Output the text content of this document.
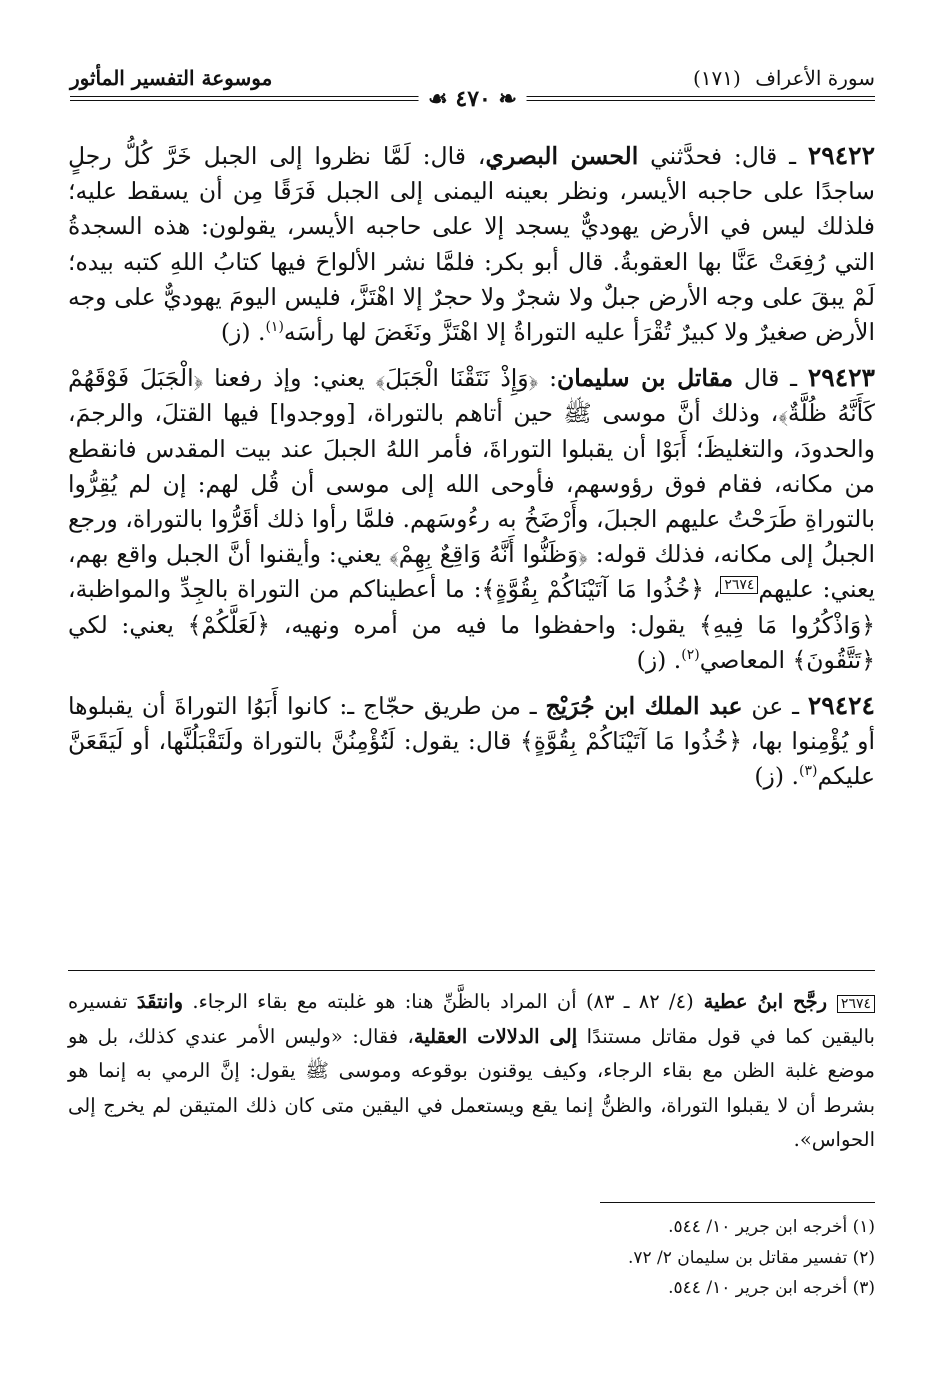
سورة الأعراف (١٧١)
موسوعة التفسير المأثور
❧ ٤٧٠ ☙

٢٩٤٢٢ ـ قال: فحدَّثني الحسن البصري، قال: لَمَّا نظروا إلى الجبل خَرَّ كُلُّ رجلٍ ساجدًا على حاجبه الأيسر، ونظر بعينه اليمنى إلى الجبل فَرَقًا مِن أن يسقط عليه؛ فلذلك ليس في الأرض يهوديٌّ يسجد إلا على حاجبه الأيسر، يقولون: هذه السجدةُ التي رُفِعَتْ عَنَّا بها العقوبةُ. قال أبو بكر: فلمَّا نشر الألواحَ فيها كتابُ اللهِ كتبه بيده؛ لَمْ يبقَ على وجه الأرض جبلٌ ولا شجرٌ ولا حجرٌ إلا اهْتَزَّ، فليس اليومَ يهوديٌّ على وجه الأرض صغيرٌ ولا كبيرٌ تُقْرَأ عليه التوراةُ إلا اهْتَزَّ ونَغَضَ لها رأسَه$^{(١)}$. (ز)

٢٩٤٢٣ ـ قال مقاتل بن سليمان: ﴿وَإِذْ نَتَقْنَا الْجَبَلَ﴾ يعني: وإذ رفعنا ﴿الْجَبَلَ فَوْقَهُمْ كَأَنَّهُ ظُلَّةٌ﴾، وذلك أنَّ موسى ﷺ حين أتاهم بالتوراة، [ووجدوا] فيها القتلَ، والرجمَ، والحدودَ، والتغليظَ؛ أَبَوْا أن يقبلوا التوراةَ، فأمر اللهُ الجبلَ عند بيت المقدس فانقطع من مكانه، فقام فوق رؤوسهم، فأوحى الله إلى موسى أن قُل لهم: إن لم يُقِرُّوا بالتوراةِ طَرَحْتُ عليهم الجبلَ، وأَرْضَخُ به رءُوسَهم. فلمَّا رأوا ذلك أقَرُّوا بالتوراة، ورجع الجبلُ إلى مكانه، فذلك قوله: ﴿وَظَنُّوا أَنَّهُ وَاقِعٌ بِهِمْ﴾ يعني: وأيقنوا أنَّ الجبل واقع بهم، يعني: عليهم٢٦٧٤، ﴿خُذُوا مَا آتَيْنَاكُمْ بِقُوَّةٍ﴾: ما أعطيناكم من التوراة بالجِدِّ والمواظبة، ﴿وَاذْكُرُوا مَا فِيهِ﴾ يقول: واحفظوا ما فيه من أمره ونهيه، ﴿لَعَلَّكُمْ﴾ يعني: لكي ﴿تَتَّقُونَ﴾ المعاصي$^{(٢)}$. (ز)

٢٩٤٢٤ ـ عن عبد الملك ابن جُرَيْج ـ من طريق حجّاج ـ: كانوا أَبَوُا التوراةَ أن يقبلوها أو يُؤْمِنوا بها، ﴿خُذُوا مَا آتَيْنَاكُمْ بِقُوَّةٍ﴾ قال: يقول: لَتُؤْمِنُنَّ بالتوراة ولَتَقْبَلُنَّها، أو لَيَقَعَنَّ عليكم$^{(٣)}$. (ز)

٢٦٧٤ رجَّح ابنُ عطية (٤/ ٨٢ ـ ٨٣) أن المراد بالظَّنِّ هنا: هو غلبته مع بقاء الرجاء. وانتقَدَ تفسيره باليقين كما في قول مقاتل مستندًا إلى الدلالات العقلية، فقال: «وليس الأمر عندي كذلك، بل هو موضع غلبة الظن مع بقاء الرجاء، وكيف يوقنون بوقوعه وموسى ﷺ يقول: إنَّ الرمي به إنما هو بشرط أن لا يقبلوا التوراة، والظنُّ إنما يقع ويستعمل في اليقين متى كان ذلك المتيقن لم يخرج إلى الحواس».
(١) أخرجه ابن جرير ١٠/ ٥٤٤.
(٢) تفسير مقاتل بن سليمان ٢/ ٧٢.
(٣) أخرجه ابن جرير ١٠/ ٥٤٤.
